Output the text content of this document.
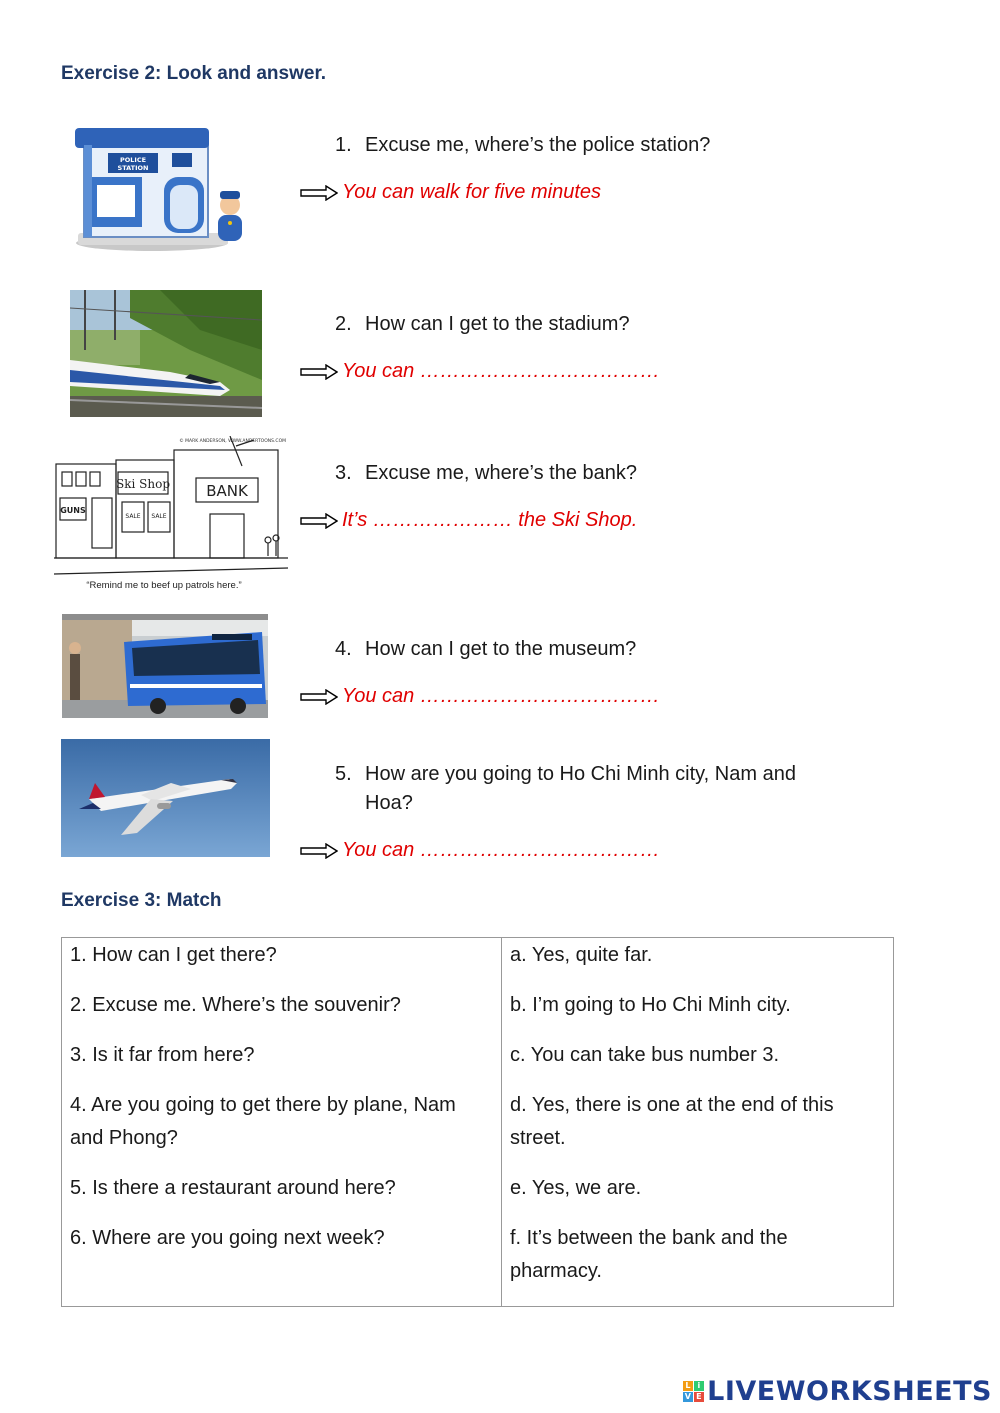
Exercise 2: Look and answer.
POLICE
STATION
© MARK ANDERSON, WWW.ANDERTOONS.COM
Ski Shop BANK
GUNS
SALE SALE
“Remind me to beef up patrols here.”
1. Excuse me, where’s the police station?
You can walk for five minutes
2. How can I get to the stadium?
You can ………………………………
3. Excuse me, where’s the bank?
It’s ………………… the Ski Shop.
4. How can I get to the museum?
You can ………………………………
5. How are you going to Ho Chi Minh city, Nam and Hoa?
You can ………………………………
Exercise 3: Match
1. How can I get there?	a. Yes, quite far.
2. Excuse me. Where’s the souvenir?	b. I’m going to Ho Chi Minh city.
3. Is it far from here?	c. You can take bus number 3.
4. Are you going to get there by plane, Nam and Phong?	d. Yes, there is one at the end of this street.
5. Is there a restaurant around here?	e. Yes, we are.
6. Where are you going next week?	f. It’s between the bank and the pharmacy.
L i
V E LIVEWORKSHEETS
